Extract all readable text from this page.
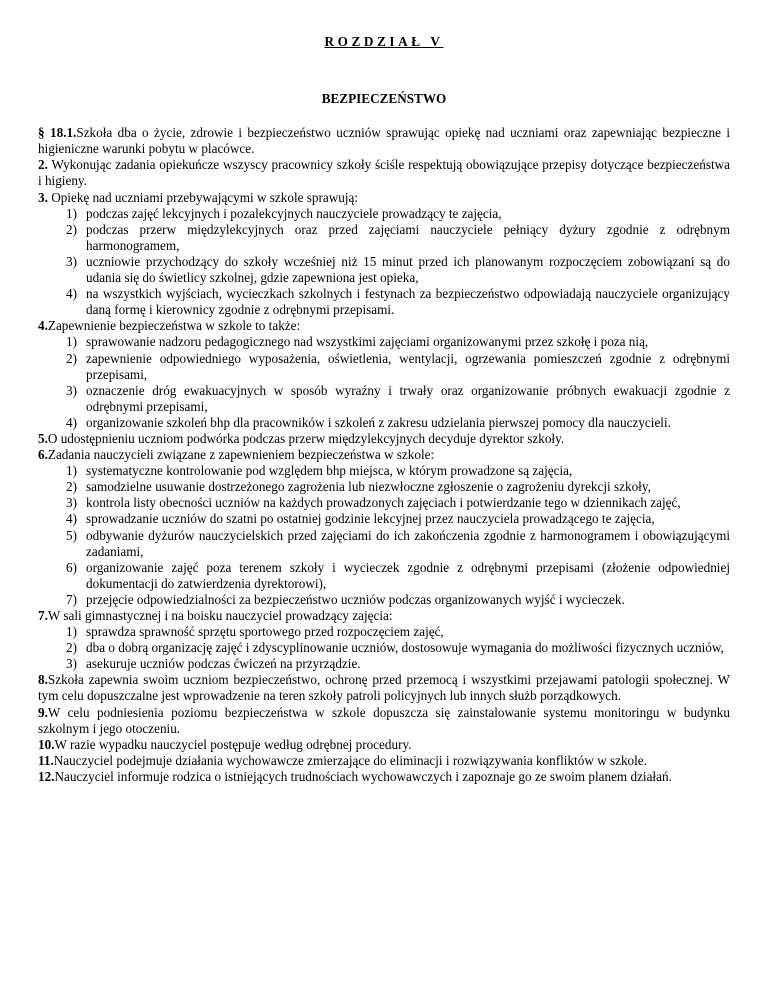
ROZDZIAŁ V
BEZPIECZEŃSTWO

§ 18.1.Szkoła dba o życie, zdrowie i bezpieczeństwo uczniów sprawując opiekę nad uczniami oraz zapewniając bezpieczne i higieniczne warunki pobytu w placówce.

2. Wykonując zadania opiekuńcze wszyscy pracownicy szkoły ściśle respektują obowiązujące przepisy dotyczące bezpieczeństwa i higieny.

3. Opiekę nad uczniami przebywającymi w szkole sprawują:

1) podczas zajęć lekcyjnych i pozalekcyjnych nauczyciele prowadzący te zajęcia,
2) podczas przerw międzylekcyjnych oraz przed zajęciami nauczyciele pełniący dyżury zgodnie z odrębnym harmonogramem,
3) uczniowie przychodzący do szkoły wcześniej niż 15 minut przed ich planowanym rozpoczęciem zobowiązani są do udania się do świetlicy szkolnej, gdzie zapewniona jest opieka,
4) na wszystkich wyjściach, wycieczkach szkolnych i festynach za bezpieczeństwo odpowiadają nauczyciele organizujący daną formę i kierownicy zgodnie z odrębnymi przepisami.

4.Zapewnienie bezpieczeństwa w szkole to także:

1) sprawowanie nadzoru pedagogicznego nad wszystkimi zajęciami organizowanymi przez szkołę i poza nią,
2) zapewnienie odpowiedniego wyposażenia, oświetlenia, wentylacji, ogrzewania pomieszczeń zgodnie z odrębnymi przepisami,
3) oznaczenie dróg ewakuacyjnych w sposób wyraźny i trwały oraz organizowanie próbnych ewakuacji zgodnie z odrębnymi przepisami,
4) organizowanie szkoleń bhp dla pracowników i szkoleń z zakresu udzielania pierwszej pomocy dla nauczycieli.

5.O udostępnieniu uczniom podwórka podczas przerw międzylekcyjnych decyduje dyrektor szkoły.

6.Zadania nauczycieli związane z zapewnieniem bezpieczeństwa w szkole:

1) systematyczne kontrolowanie pod względem bhp miejsca, w którym prowadzone są zajęcia,
2) samodzielne usuwanie dostrzeżonego zagrożenia lub niezwłoczne zgłoszenie o zagrożeniu dyrekcji szkoły,
3) kontrola listy obecności uczniów na każdych prowadzonych zajęciach i potwierdzanie tego w dziennikach zajęć,
4) sprowadzanie uczniów do szatni po ostatniej godzinie lekcyjnej przez nauczyciela prowadzącego te zajęcia,
5) odbywanie dyżurów nauczycielskich przed zajęciami do ich zakończenia zgodnie z harmonogramem i obowiązującymi zadaniami,
6) organizowanie zajęć poza terenem szkoły i wycieczek zgodnie z odrębnymi przepisami (złożenie odpowiedniej dokumentacji do zatwierdzenia dyrektorowi),
7) przejęcie odpowiedzialności za bezpieczeństwo uczniów podczas organizowanych wyjść i wycieczek.

7.W sali gimnastycznej i na boisku nauczyciel prowadzący zajęcia:

1) sprawdza sprawność sprzętu sportowego przed rozpoczęciem zajęć,
2) dba o dobrą organizację zajęć i zdyscyplinowanie uczniów, dostosowuje wymagania do możliwości fizycznych uczniów,
3) asekuruje uczniów podczas ćwiczeń na przyrządzie.

8.Szkoła zapewnia swoim uczniom bezpieczeństwo, ochronę przed przemocą i wszystkimi przejawami patologii społecznej. W tym celu dopuszczalne jest wprowadzenie na teren szkoły patroli policyjnych lub innych służb porządkowych.

9.W celu podniesienia poziomu bezpieczeństwa w szkole dopuszcza się zainstalowanie systemu monitoringu w budynku szkolnym i jego otoczeniu.

10.W razie wypadku nauczyciel postępuje według odrębnej procedury.

11.Nauczyciel podejmuje działania wychowawcze zmierzające do eliminacji i rozwiązywania konfliktów w szkole.

12.Nauczyciel informuje rodzica o istniejących trudnościach wychowawczych i zapoznaje go ze swoim planem działań.
